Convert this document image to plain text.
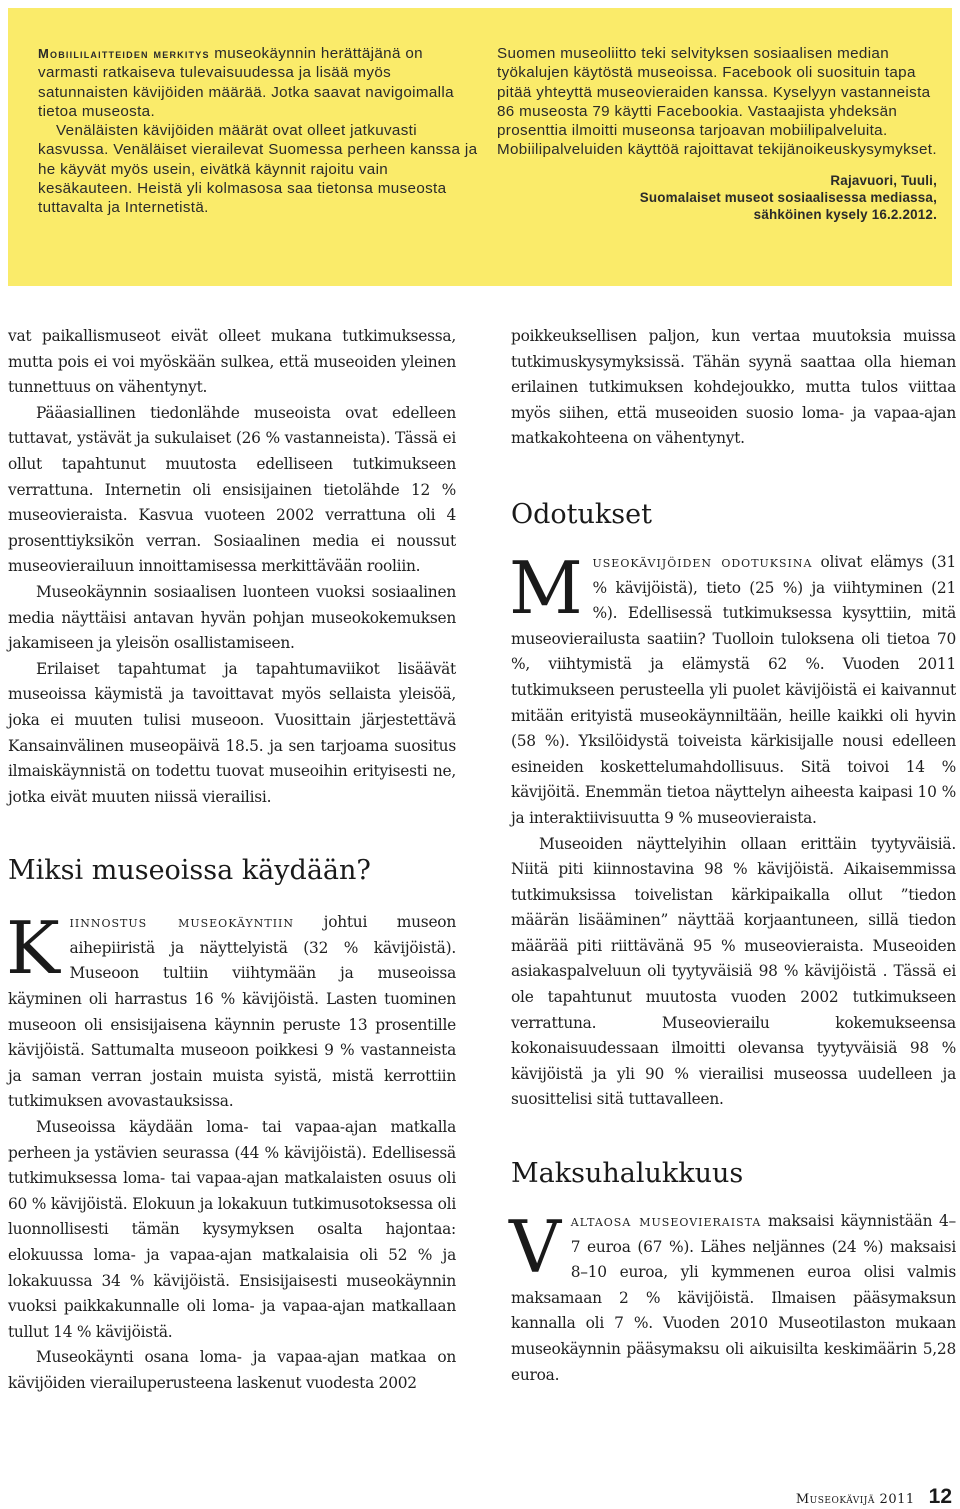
Mobiililaitteiden merkitys museokäynnin herättäjänä on varmasti ratkaiseva tulevaisuudessa ja lisää myös satunnaisten kävijöiden määrää. Jotka saavat navigoimalla tietoa museosta.

Venäläisten kävijöiden määrät ovat olleet jatkuvasti kasvussa. Venäläiset vierailevat Suomessa perheen kanssa ja he käyvät myös usein, eivätkä käynnit rajoitu vain kesäkauteen. Heistä yli kolmasosa saa tietonsa museosta tuttavalta ja Internetistä.

Suomen museoliitto teki selvityksen sosiaalisen median työkalujen käytöstä museoissa. Facebook oli suosituin tapa pitää yhteyttä museovieraiden kanssa. Kyselyyn vastanneista 86 museosta 79 käytti Facebookia. Vastaajista yhdeksän prosenttia ilmoitti museonsa tarjoavan mobiilipalveluita. Mobiilipalveluiden käyttöä rajoittavat tekijänoikeuskysymykset.

Rajavuori, Tuuli,
Suomalaiset museot sosiaalisessa mediassa,
sähköinen kysely 16.2.2012.

vat paikallismuseot eivät olleet mukana tutkimuksessa, mutta pois ei voi myöskään sulkea, että museoiden yleinen tunnettuus on vähentynyt.

Pääasiallinen tiedonlähde museoista ovat edelleen tuttavat, ystävät ja sukulaiset (26 % vastanneista). Tässä ei ollut tapahtunut muutosta edelliseen tutkimukseen verrattuna. Internetin oli ensisijainen tietolähde 12 % museovieraista. Kasvua vuoteen 2002 verrattuna oli 4 prosenttiyksikön verran. Sosiaalinen media ei noussut museovierailuun innoittamisessa merkittävään rooliin.

Museokäynnin sosiaalisen luonteen vuoksi sosiaalinen media näyttäisi antavan hyvän pohjan museokokemuksen jakamiseen ja yleisön osallistamiseen.

Erilaiset tapahtumat ja tapahtumaviikot lisäävät museoissa käymistä ja tavoittavat myös sellaista yleisöä, joka ei muuten tulisi museoon. Vuosittain järjestettävä Kansainvälinen museopäivä 18.5. ja sen tarjoama suositus ilmaiskäynnistä on todettu tuovat museoihin erityisesti ne, jotka eivät muuten niissä vierailisi.

Miksi museoissa käydään?

Kiinnostus museokäyntiin johtui museon aihepiiristä ja näyttelyistä (32 % kävijöistä). Museoon tultiin viihtymään ja museoissa käyminen oli harrastus 16 % kävijöistä. Lasten tuominen museoon oli ensisijaisena käynnin peruste 13 prosentille kävijöistä. Sattumalta museoon poikkesi 9 % vastanneista ja saman verran jostain muista syistä, mistä kerrottiin tutkimuksen avovastauksissa.

Museoissa käydään loma- tai vapaa-ajan matkalla perheen ja ystävien seurassa (44 % kävijöistä). Edellisessä tutkimuksessa loma- tai vapaa-ajan matkalaisten osuus oli 60 % kävijöistä. Elokuun ja lokakuun tutkimusotoksessa oli luonnollisesti tämän kysymyksen osalta hajontaa: elokuussa loma- ja vapaa-ajan matkalaisia oli 52 % ja lokakuussa 34 % kävijöistä. Ensisijaisesti museokäynnin vuoksi paikkakunnalle oli loma- ja vapaa-ajan matkallaan tullut 14 % kävijöistä.

Museokäynti osana loma- ja vapaa-ajan matkaa on kävijöiden vierailuperusteena laskenut vuodesta 2002

poikkeuksellisen paljon, kun vertaa muutoksia muissa tutkimuskysymyksissä. Tähän syynä saattaa olla hieman erilainen tutkimuksen kohdejoukko, mutta tulos viittaa myös siihen, että museoiden suosio loma- ja vapaa-ajan matkakohteena on vähentynyt.

Odotukset

Museokävijöiden odotuksina olivat elämys (31 % kävijöistä), tieto (25 %) ja viihtyminen (21 %). Edellisessä tutkimuksessa kysyttiin, mitä museovierailusta saatiin? Tuolloin tuloksena oli tietoa 70 %, viihtymistä ja elämystä 62 %. Vuoden 2011 tutkimukseen perusteella yli puolet kävijöistä ei kaivannut mitään erityistä museokäynniltään, heille kaikki oli hyvin (58 %). Yksilöidystä toiveista kärkisijalle nousi edelleen esineiden koskettelumahdollisuus. Sitä toivoi 14 % kävijöitä. Enemmän tietoa näyttelyn aiheesta kaipasi 10 % ja interaktiivisuutta 9 % museovieraista.

Museoiden näyttelyihin ollaan erittäin tyytyväisiä. Niitä piti kiinnostavina 98 % kävijöistä. Aikaisemmissa tutkimuksissa toivelistan kärkipaikalla ollut ”tiedon määrän lisääminen” näyttää korjaantuneen, sillä tiedon määrää piti riittävänä 95 % museovieraista. Museoiden asiakaspalveluun oli tyytyväisiä 98 % kävijöistä . Tässä ei ole tapahtunut muutosta vuoden 2002 tutkimukseen verrattuna. Museovierailu kokemukseensa kokonaisuudessaan ilmoitti olevansa tyytyväisiä 98 % kävijöistä ja yli 90 % vierailisi museossa uudelleen ja suosittelisi sitä tuttavalleen.

Maksuhalukkuus

Valtaosa museovieraista maksaisi käynnistään 4–7 euroa (67 %). Lähes neljännes (24 %) maksaisi 8–10 euroa, yli kymmenen euroa olisi valmis maksamaan 2 % kävijöistä. Ilmaisen pääsymaksun kannalla oli 7 %. Vuoden 2010 Museotilaston mukaan museokäynnin pääsymaksu oli aikuisilta keskimäärin 5,28 euroa.

Museokävijä 2011 12
